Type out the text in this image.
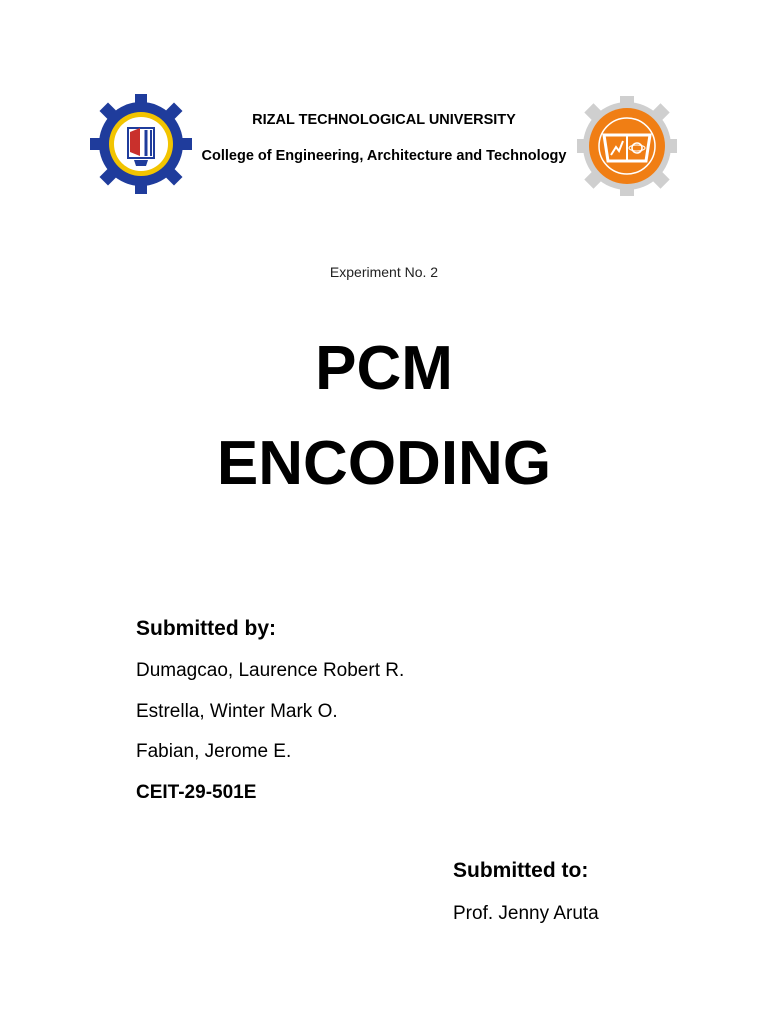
RIZAL TECHNOLOGICAL UNIVERSITY
College of Engineering, Architecture and Technology
Experiment No. 2
PCM
ENCODING
Submitted by:
Dumagcao, Laurence Robert R.
Estrella, Winter Mark O.
Fabian, Jerome E.
CEIT-29-501E
Submitted to:
Prof. Jenny Aruta
